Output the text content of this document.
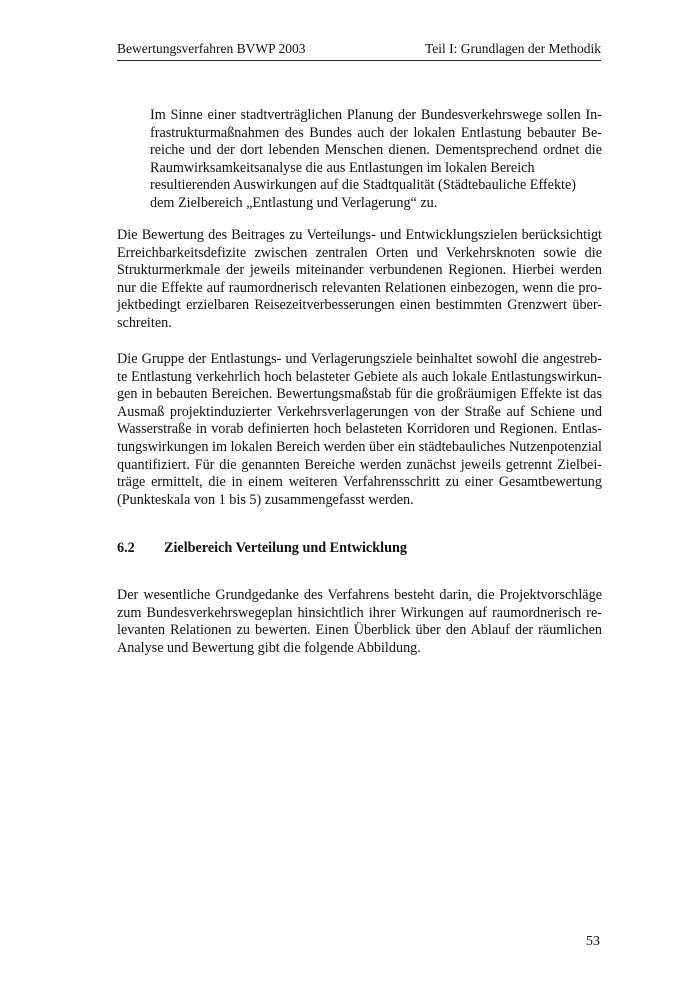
Bewertungsverfahren BVWP 2003	Teil I: Grundlagen der Methodik
Im Sinne einer stadtverträglichen Planung der Bundesverkehrswege sollen In-
frastrukturmaßnahmen des Bundes auch der lokalen Entlastung bebauter Be-
reiche und der dort lebenden Menschen dienen. Dementsprechend ordnet die
Raumwirksamkeitsanalyse die aus Entlastungen im lokalen Bereich
resultierenden Auswirkungen auf die Stadtqualität (Städtebauliche Effekte)
dem Zielbereich „Entlastung und Verlagerung“ zu.
Die Bewertung des Beitrages zu Verteilungs- und Entwicklungszielen berücksichtigt
Erreichbarkeitsdefizite zwischen zentralen Orten und Verkehrsknoten sowie die
Strukturmerkmale der jeweils miteinander verbundenen Regionen. Hierbei werden
nur die Effekte auf raumordnerisch relevanten Relationen einbezogen, wenn die pro-
jektbedingt erzielbaren Reisezeitverbesserungen einen bestimmten Grenzwert über-
schreiten.
Die Gruppe der Entlastungs- und Verlagerungsziele beinhaltet sowohl die angestreb-
te Entlastung verkehrlich hoch belasteter Gebiete als auch lokale Entlastungswirkun-
gen in bebauten Bereichen. Bewertungsmaßstab für die großräumigen Effekte ist das
Ausmaß projektinduzierter Verkehrsverlagerungen von der Straße auf Schiene und
Wasserstraße in vorab definierten hoch belasteten Korridoren und Regionen. Entlas-
tungswirkungen im lokalen Bereich werden über ein städtebauliches Nutzenpotenzial
quantifiziert. Für die genannten Bereiche werden zunächst jeweils getrennt Zielbei-
träge ermittelt, die in einem weiteren Verfahrensschritt zu einer Gesamtbewertung
(Punkteskala von 1 bis 5) zusammengefasst werden.
6.2 Zielbereich Verteilung und Entwicklung
Der wesentliche Grundgedanke des Verfahrens besteht darin, die Projektvorschläge
zum Bundesverkehrswegeplan hinsichtlich ihrer Wirkungen auf raumordnerisch re-
levanten Relationen zu bewerten. Einen Überblick über den Ablauf der räumlichen
Analyse und Bewertung gibt die folgende Abbildung.
53
